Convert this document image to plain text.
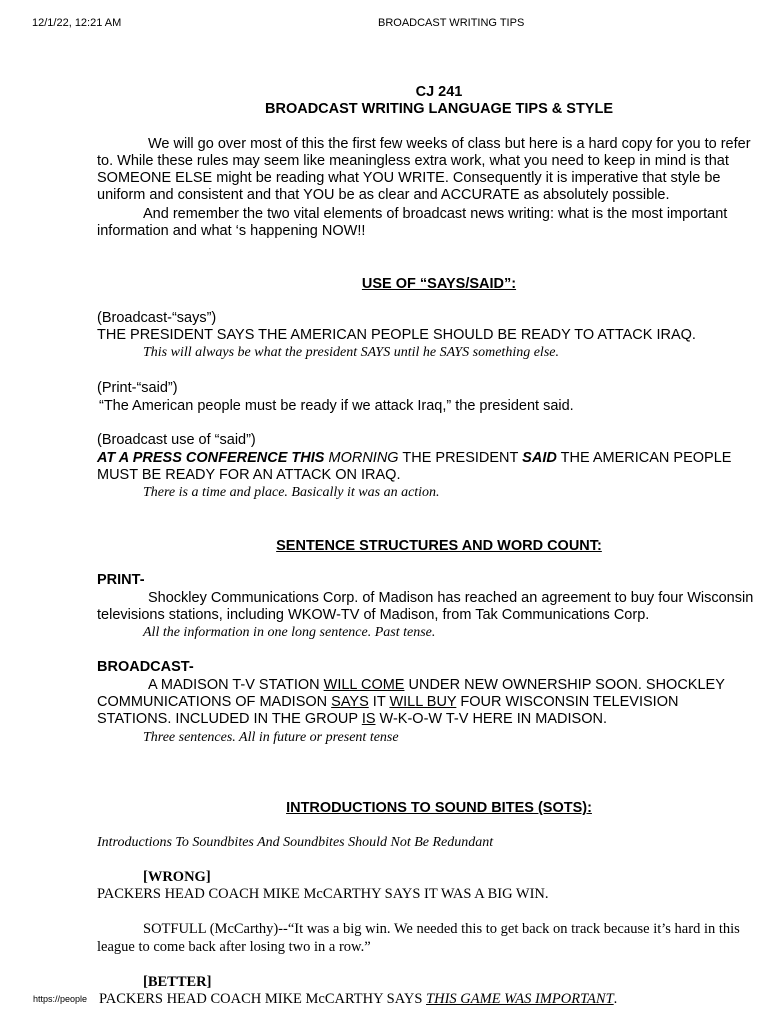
12/1/22, 12:21 AM	BROADCAST WRITING TIPS
CJ 241
BROADCAST WRITING LANGUAGE TIPS & STYLE
We will go over most of this the first few weeks of class but here is a hard copy for you to refer
to. While these rules may seem like meaningless extra work, what you need to keep in mind is that
SOMEONE ELSE might be reading what YOU WRITE. Consequently it is imperative that style be
uniform and consistent and that YOU be as clear and ACCURATE as absolutely possible.
And remember the two vital elements of broadcast news writing: what is the most important
information and what ‘s happening NOW!!
USE OF “SAYS/SAID”:
(Broadcast-“says”)
THE PRESIDENT SAYS THE AMERICAN PEOPLE SHOULD BE READY TO ATTACK IRAQ.
This will always be what the president SAYS until he SAYS something else.
(Print-“said”)
“The American people must be ready if we attack Iraq,” the president said.
(Broadcast use of “said”)
AT A PRESS CONFERENCE THIS MORNING THE PRESIDENT SAID THE AMERICAN PEOPLE
MUST BE READY FOR AN ATTACK ON IRAQ.
There is a time and place. Basically it was an action.
SENTENCE STRUCTURES AND WORD COUNT:
PRINT-
Shockley Communications Corp. of Madison has reached an agreement to buy four Wisconsin
televisions stations, including WKOW-TV of Madison, from Tak Communications Corp.
All the information in one long sentence. Past tense.
BROADCAST-
A MADISON T-V STATION WILL COME UNDER NEW OWNERSHIP SOON. SHOCKLEY
COMMUNICATIONS OF MADISON SAYS IT WILL BUY FOUR WISCONSIN TELEVISION
STATIONS. INCLUDED IN THE GROUP IS W-K-O-W T-V HERE IN MADISON.
Three sentences. All in future or present tense
INTRODUCTIONS TO SOUND BITES (SOTS):
Introductions To Soundbites And Soundbites Should Not Be Redundant
[WRONG]
PACKERS HEAD COACH MIKE McCARTHY SAYS IT WAS A BIG WIN.
SOTFULL (McCarthy)--“It was a big win. We needed this to get back on track because it’s hard in this
league to come back after losing two in a row.”
[BETTER]
PACKERS HEAD COACH MIKE McCARTHY SAYS THIS GAME WAS IMPORTANT.
https://people
